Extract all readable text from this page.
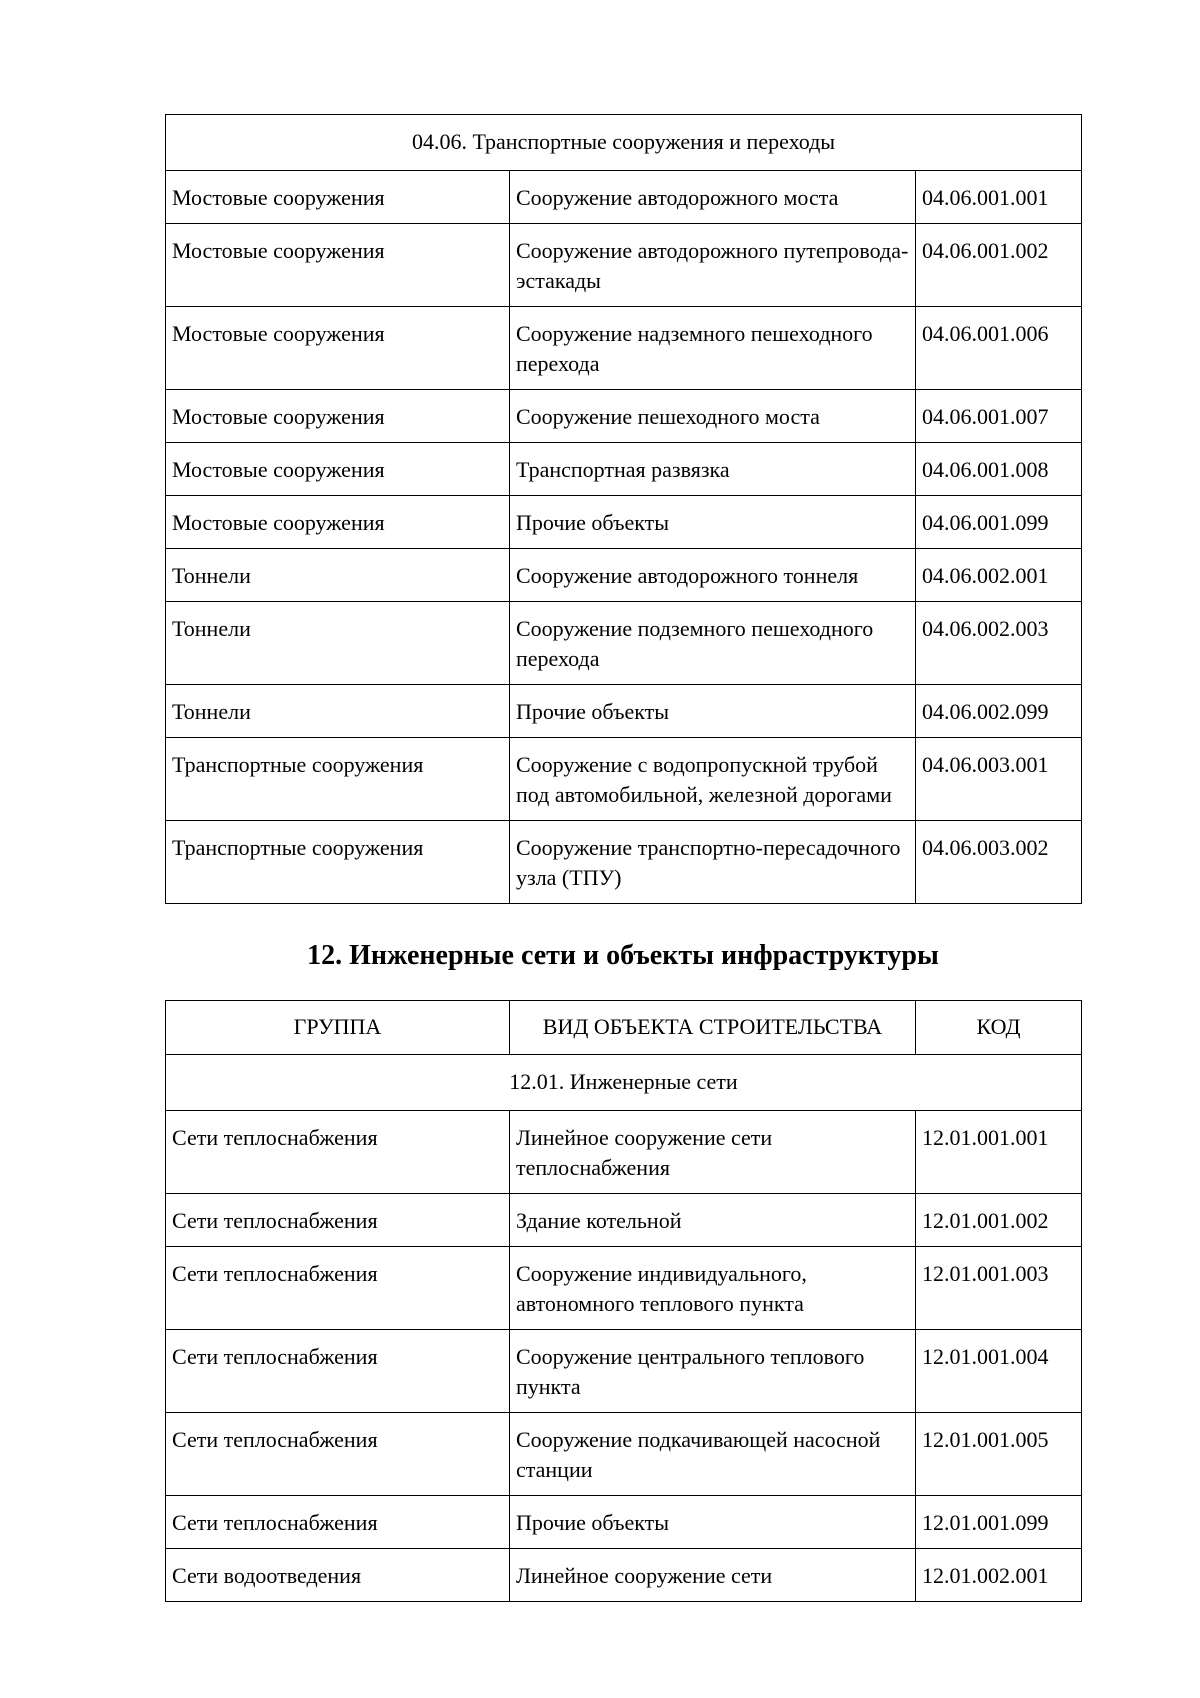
04.06. Транспортные сооружения и переходы		
Мостовые сооружения	Сооружение автодорожного моста	04.06.001.001
Мостовые сооружения	Сооружение автодорожного путепровода-эстакады	04.06.001.002
Мостовые сооружения	Сооружение надземного пешеходного перехода	04.06.001.006
Мостовые сооружения	Сооружение пешеходного моста	04.06.001.007
Мостовые сооружения	Транспортная развязка	04.06.001.008
Мостовые сооружения	Прочие объекты	04.06.001.099
Тоннели	Сооружение автодорожного тоннеля	04.06.002.001
Тоннели	Сооружение подземного пешеходного перехода	04.06.002.003
Тоннели	Прочие объекты	04.06.002.099
Транспортные сооружения	Сооружение с водопропускной трубой под автомобильной, железной дорогами	04.06.003.001
Транспортные сооружения	Сооружение транспортно-пересадочного узла (ТПУ)	04.06.003.002
12. Инженерные сети и объекты инфраструктуры
ГРУППА	ВИД ОБЪЕКТА СТРОИТЕЛЬСТВА	КОД
12.01. Инженерные сети		
Сети теплоснабжения	Линейное сооружение сети теплоснабжения	12.01.001.001
Сети теплоснабжения	Здание котельной	12.01.001.002
Сети теплоснабжения	Сооружение индивидуального, автономного теплового пункта	12.01.001.003
Сети теплоснабжения	Сооружение центрального теплового пункта	12.01.001.004
Сети теплоснабжения	Сооружение подкачивающей насосной станции	12.01.001.005
Сети теплоснабжения	Прочие объекты	12.01.001.099
Сети водоотведения	Линейное сооружение сети	12.01.002.001
